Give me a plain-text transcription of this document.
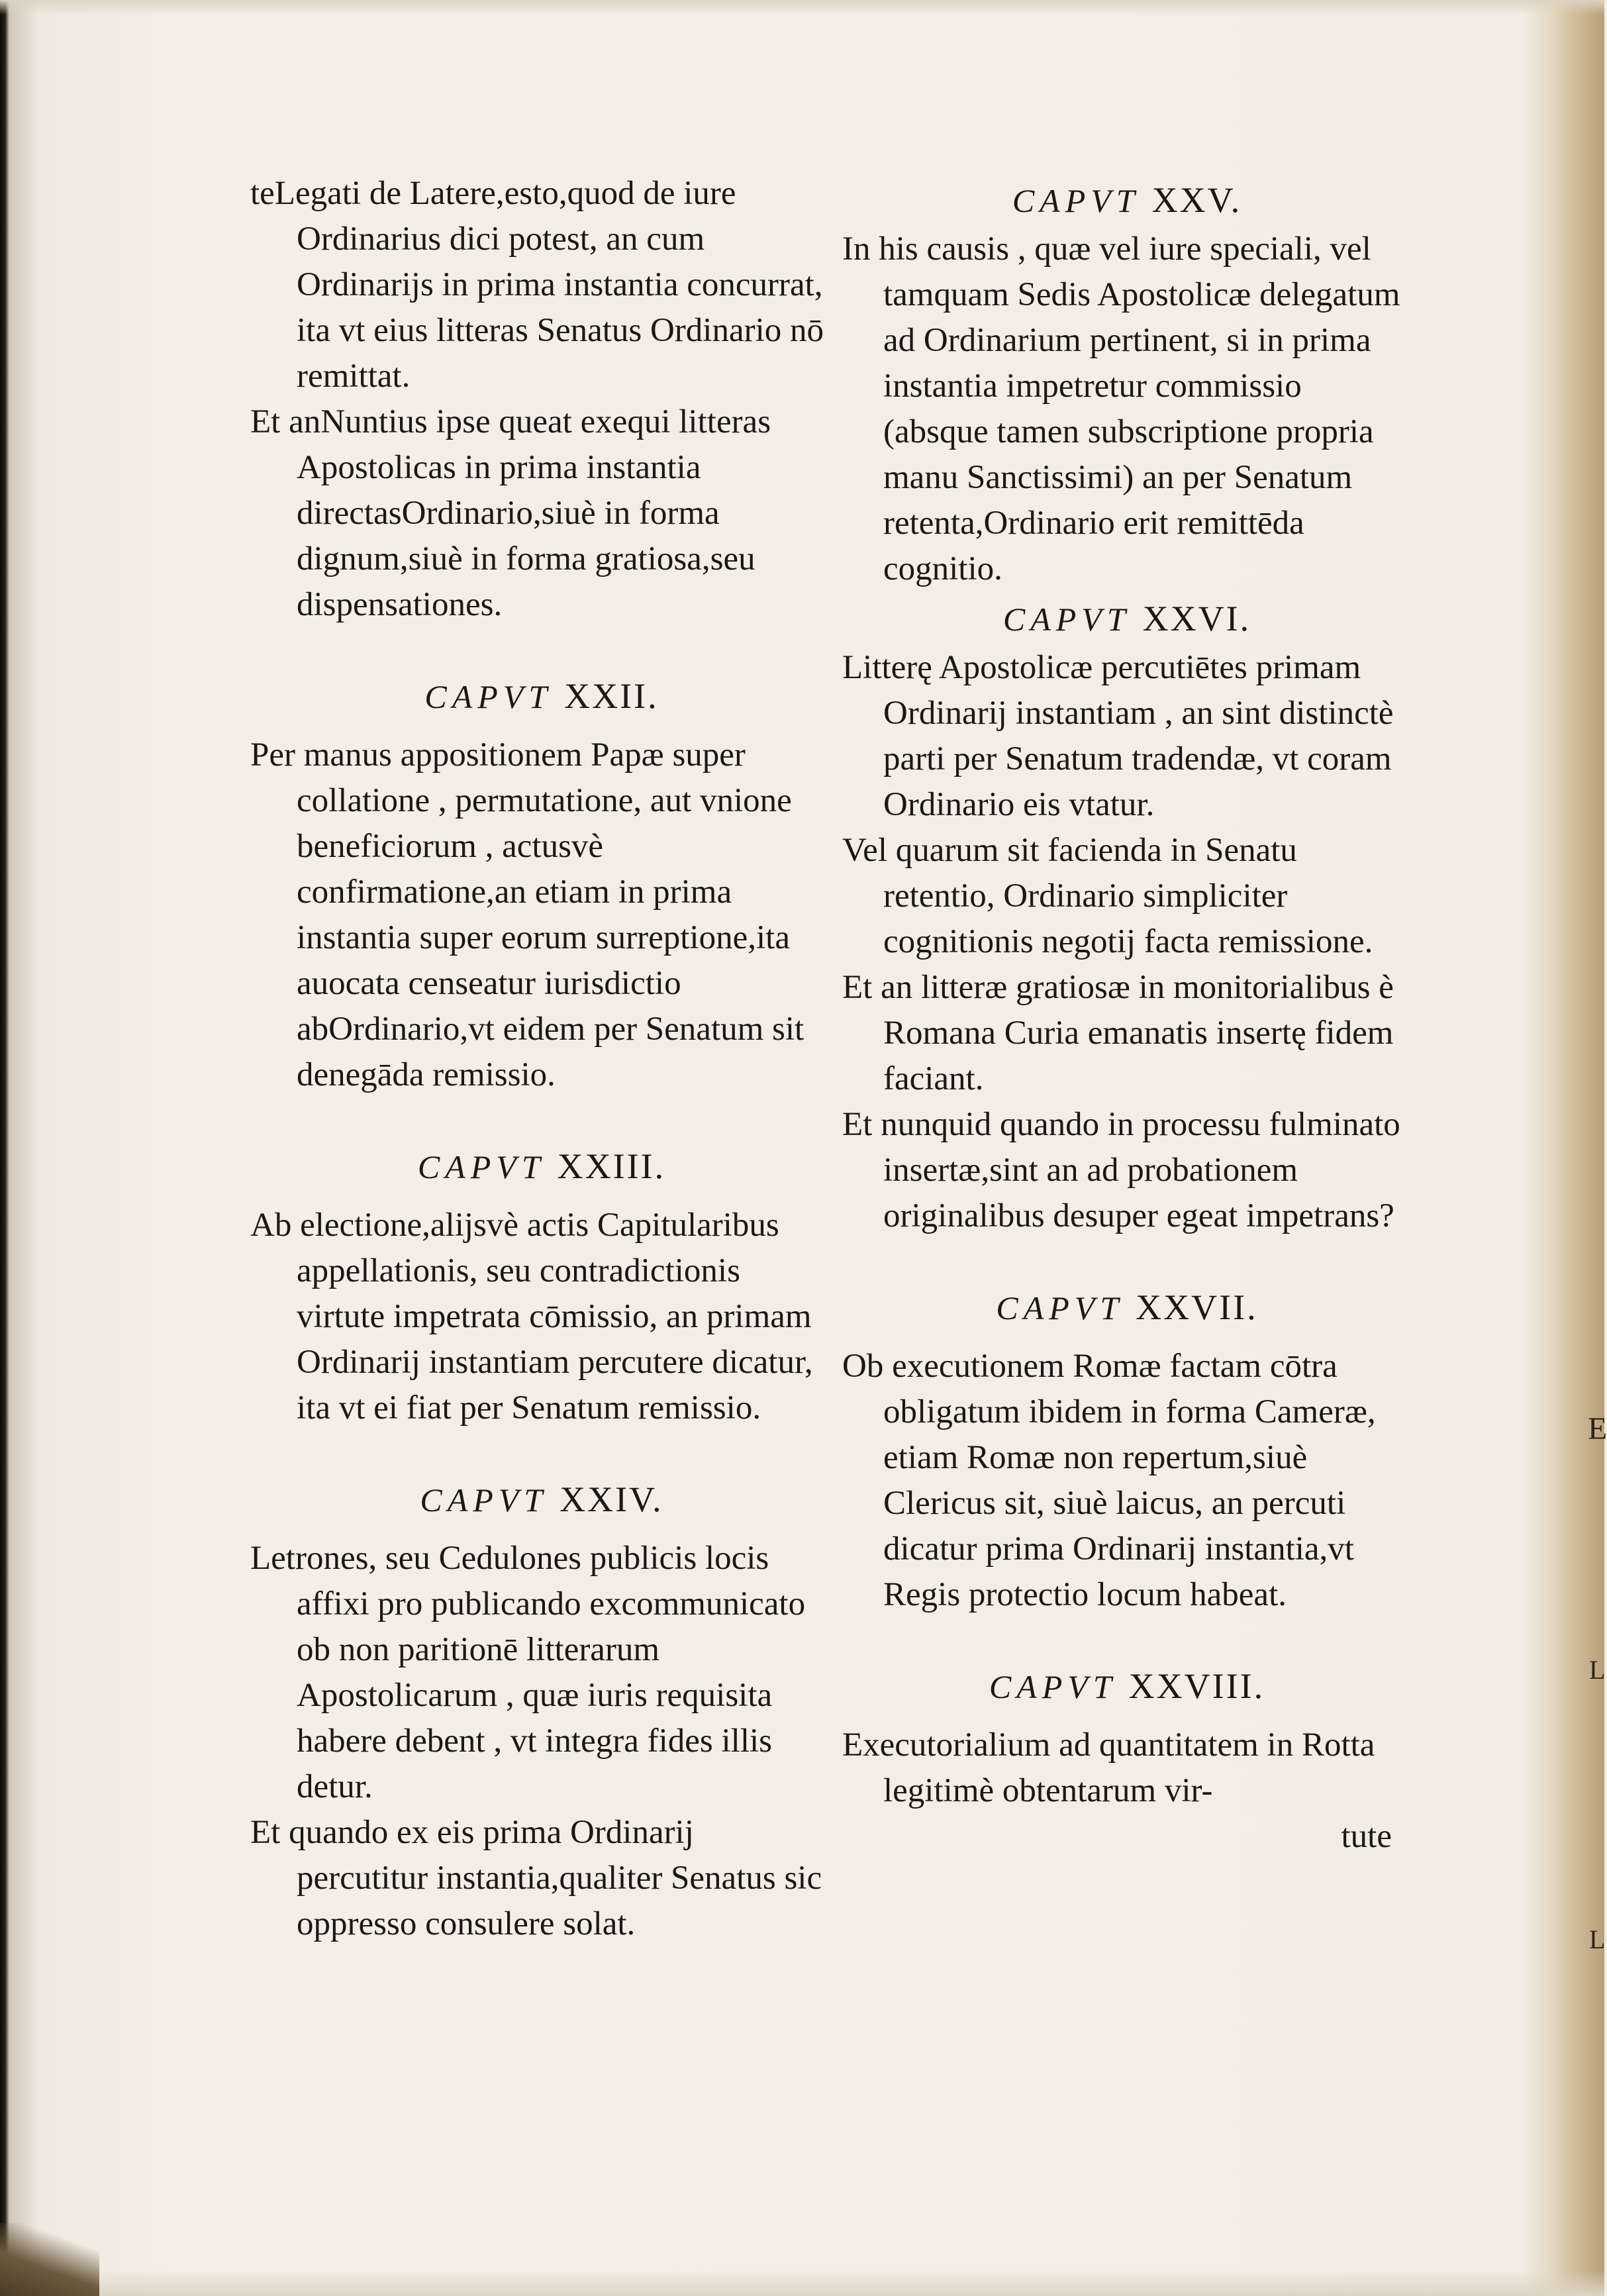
teLegati de Latere,esto,quod de iure Ordinarius dici potest, an cum Ordinarijs in prima instantia concurrat, ita vt eius litteras Senatus Ordinario nō remittat.
Et anNuntius ipse queat exequi litteras Apostolicas in prima instantia directasOrdinario,siuè in forma dignum,siuè in forma gratiosa,seu dispensationes.
CAPVT XXII.
Per manus appositionem Papæ super collatione , permutatione, aut vnione beneficiorum , actusvè confirmatione,an etiam in prima instantia super eorum surreptione,ita auocata censeatur iurisdictio abOrdinario,vt eidem per Senatum sit denegāda remissio.
CAPVT XXIII.
Ab electione,alijsvè actis Capitularibus appellationis, seu contradictionis virtute impetrata cōmissio, an primam Ordinarij instantiam percutere dicatur, ita vt ei fiat per Senatum remissio.
CAPVT XXIV.
Letrones, seu Cedulones publicis locis affixi pro publicando excommunicato ob non paritionē litterarum Apostolicarum , quæ iuris requisita habere debent , vt integra fides illis detur.
Et quando ex eis prima Ordinarij percutitur instantia,qualiter Senatus sic oppresso consulere solat.
CAPVT XXV.
In his causis , quæ vel iure speciali, vel tamquam Sedis Apostolicæ delegatum ad Ordinarium pertinent, si in prima instantia impetretur commissio (absque tamen subscriptione propria manu Sanctissimi) an per Senatum retenta,Ordinario erit remittēda cognitio.
CAPVT XXVI.
Litterę Apostolicæ percutiētes primam Ordinarij instantiam , an sint distinctè parti per Senatum tradendæ, vt coram Ordinario eis vtatur.
Vel quarum sit facienda in Senatu retentio, Ordinario simpliciter cognitionis negotij facta remissione.
Et an litteræ gratiosæ in monitorialibus è Romana Curia emanatis insertę fidem faciant.
Et nunquid quando in processu fulminato insertæ,sint an ad probationem originalibus desuper egeat impetrans?
CAPVT XXVII.
Ob executionem Romæ factam cōtra obligatum ibidem in forma Cameræ, etiam Romæ non repertum,siuè Clericus sit, siuè laicus, an percuti dicatur prima Ordinarij instantia,vt Regis protectio locum habeat.
CAPVT XXVIII.
Executorialium ad quantitatem in Rotta legitimè obtentarum vir-
tute
E
L
L
